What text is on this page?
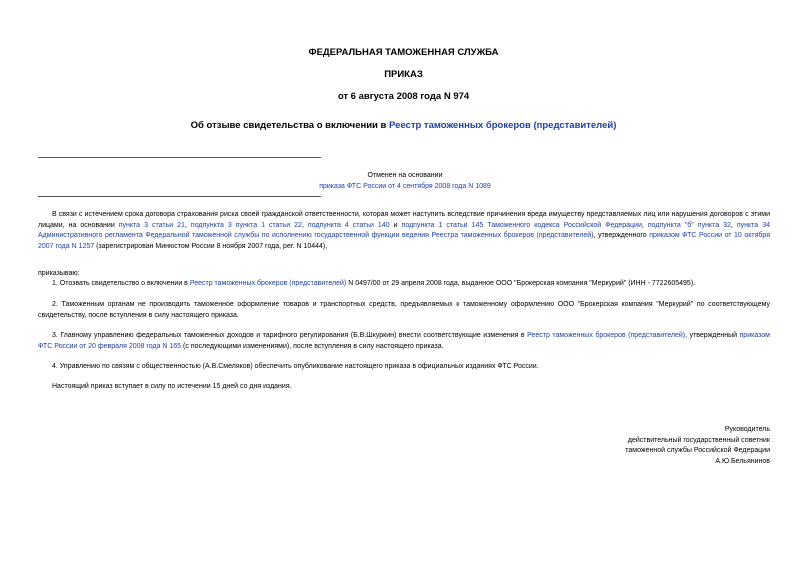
ФЕДЕРАЛЬНАЯ ТАМОЖЕННАЯ СЛУЖБА
ПРИКАЗ
от 6 августа 2008 года N 974
Об отзыве свидетельства о включении в Реестр таможенных брокеров (представителей)
Отменен на основании
приказа ФТС России от 4 сентября 2008 года N 1089
В связи с истечением срока договора страхования риска своей гражданской ответственности, которая может наступить вследствие причинения вреда имуществу представляемых лиц или нарушения договоров с этими лицами, на основании пункта 3 статьи 21, подпункта 3 пункта 1 статьи 22, подпункта 4 статьи 140 и подпункта 1 статьи 145 Таможенного кодекса Российской Федерации, подпункта "б" пункта 32, пункта 34 Административного регламента Федеральной таможенной службы по исполнению государственной функции ведения Реестра таможенных брокеров (представителей), утвержденного приказом ФТС России от 10 октября 2007 года N 1257 (зарегистрирован Минюстом России 8 ноября 2007 года, рег. N 10444),
приказываю:
1. Отозвать свидетельство о включении в Реестр таможенных брокеров (представителей) N 0497/00 от 29 апреля 2008 года, выданное ООО "Брокерская компания "Меркурий" (ИНН - 7722605495).
2. Таможенным органам не производить таможенное оформление товаров и транспортных средств, предъявляемых к таможенному оформлению ООО "Брокерская компания "Меркурий" по соответствующему свидетельству, после вступления в силу настоящего приказа.
3. Главному управлению федеральных таможенных доходов и тарифного регулирования (Б.В.Шкуркин) внести соответствующие изменения в Реестр таможенных брокеров (представителей), утвержденный приказом ФТС России от 20 февраля 2008 года N 165 (с последующими изменениями), после вступления в силу настоящего приказа.
4. Управлению по связям с общественностью (А.В.Смеляков) обеспечить опубликование настоящего приказа в официальных изданиях ФТС России.
Настоящий приказ вступает в силу по истечении 15 дней со дня издания.
Руководитель
действительный государственный советник
таможенной службы Российской Федерации
А.Ю.Бельянинов
